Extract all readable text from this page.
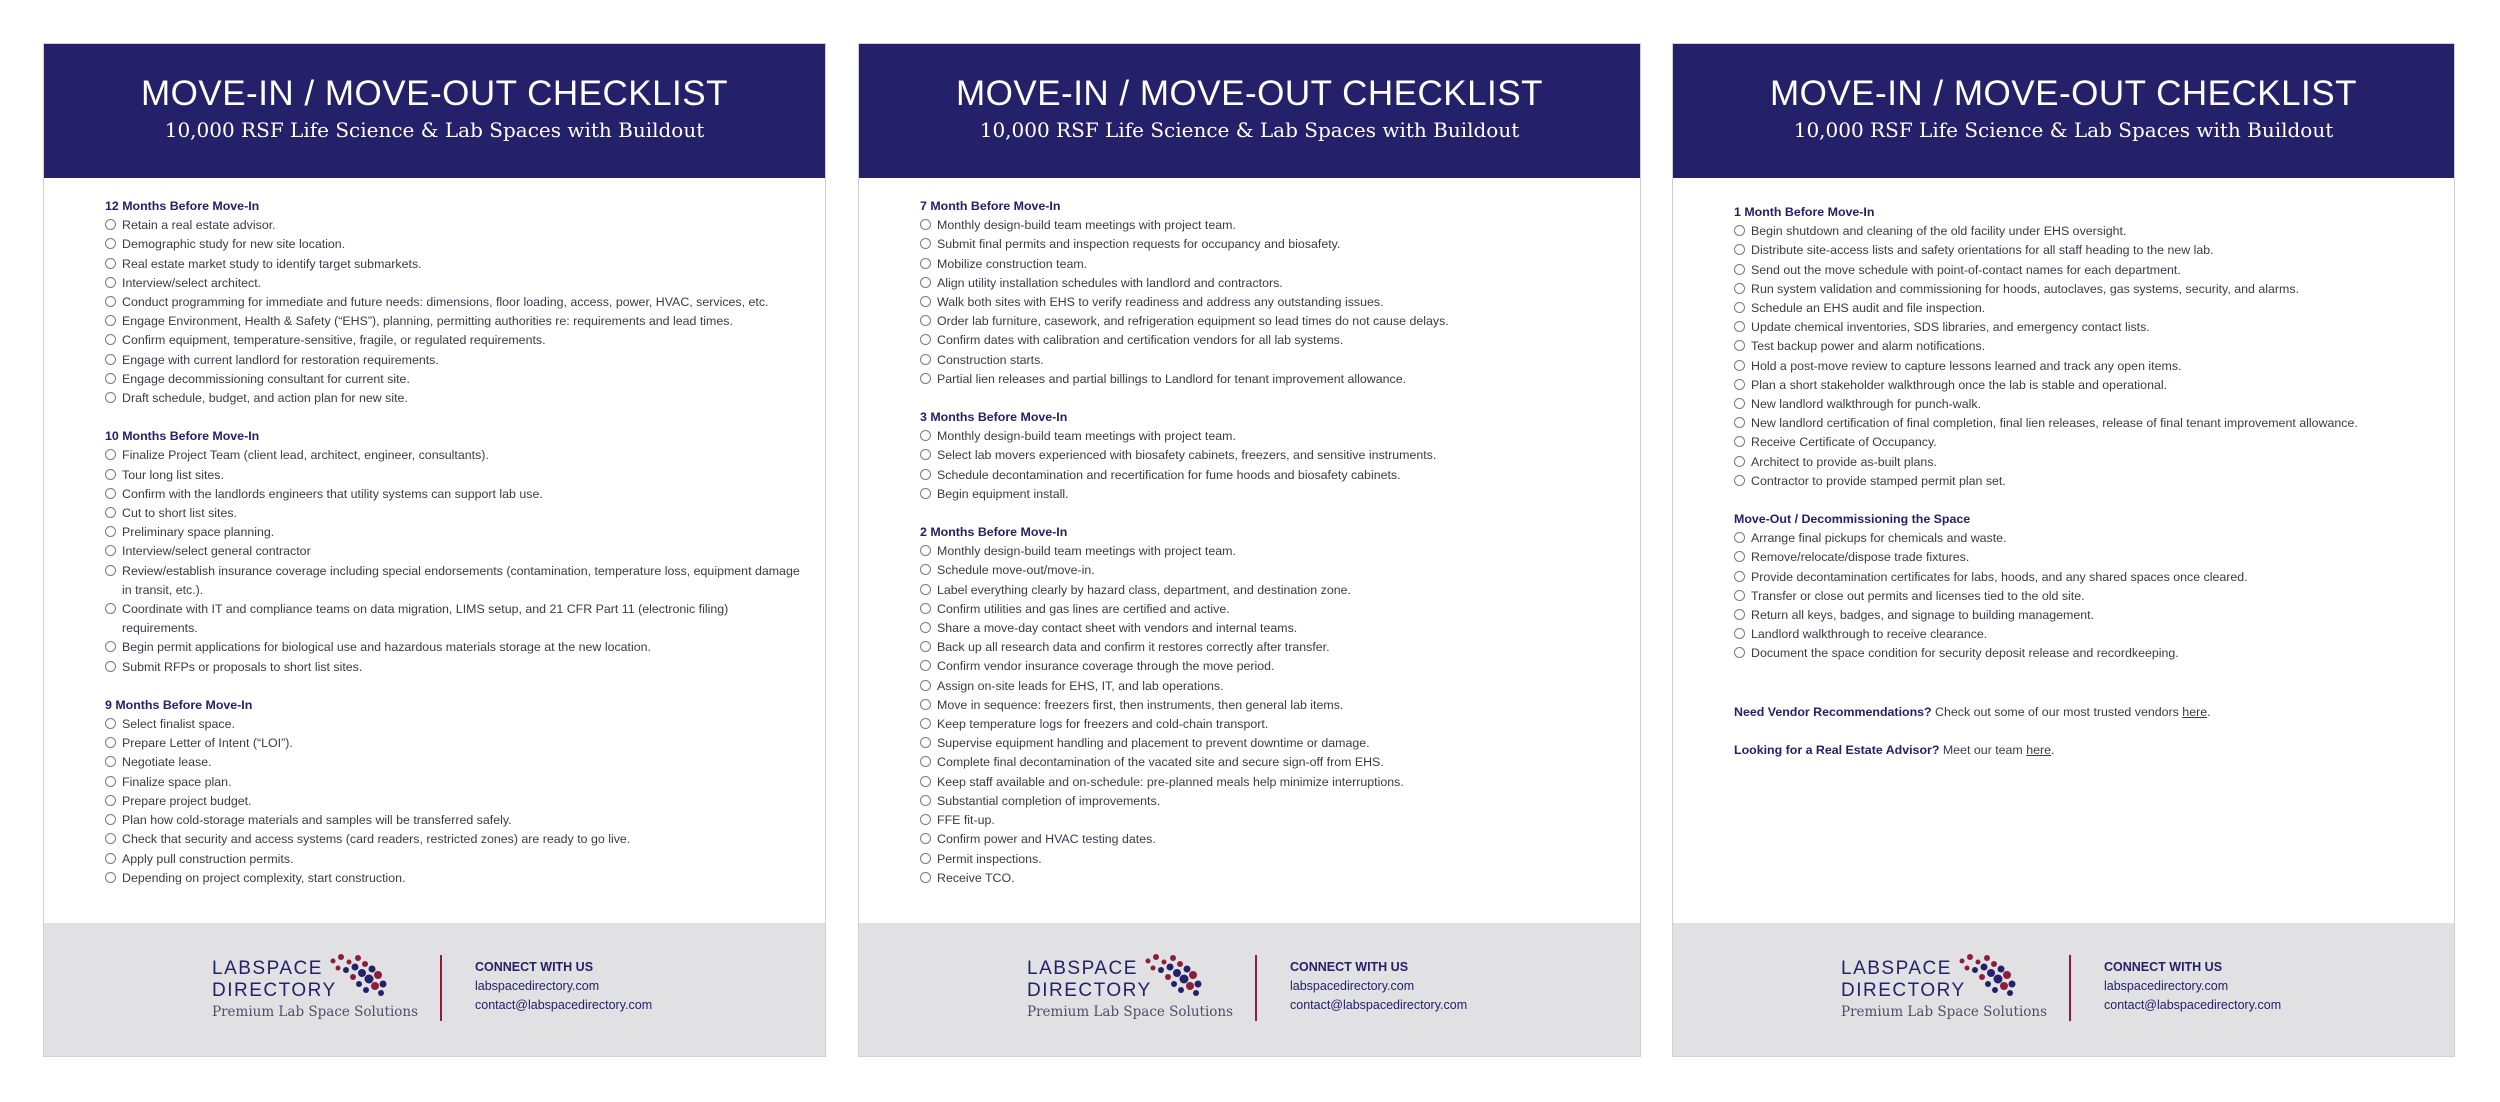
MOVE-IN / MOVE-OUT CHECKLIST
10,000 RSF Life Science & Lab Spaces with Buildout
12 Months Before Move-In
Retain a real estate advisor.
Demographic study for new site location.
Real estate market study to identify target submarkets.
Interview/select architect.
Conduct programming for immediate and future needs: dimensions, floor loading, access, power, HVAC, services, etc.
Engage Environment, Health & Safety (“EHS”), planning, permitting authorities re: requirements and lead times.
Confirm equipment, temperature-sensitive, fragile, or regulated requirements.
Engage with current landlord for restoration requirements.
Engage decommissioning consultant for current site.
Draft schedule, budget, and action plan for new site.
10 Months Before Move-In
Finalize Project Team (client lead, architect, engineer, consultants).
Tour long list sites.
Confirm with the landlords engineers that utility systems can support lab use.
Cut to short list sites.
Preliminary space planning.
Interview/select general contractor
Review/establish insurance coverage including special endorsements (contamination, temperature loss, equipment damage in transit, etc.).
Coordinate with IT and compliance teams on data migration, LIMS setup, and 21 CFR Part 11 (electronic filing) requirements.
Begin permit applications for biological use and hazardous materials storage at the new location.
Submit RFPs or proposals to short list sites.
9 Months Before Move-In
Select finalist space.
Prepare Letter of Intent (“LOI”).
Negotiate lease.
Finalize space plan.
Prepare project budget.
Plan how cold-storage materials and samples will be transferred safely.
Check that security and access systems (card readers, restricted zones) are ready to go live.
Apply pull construction permits.
Depending on project complexity, start construction.
LABSPACE
DIRECTORY
Premium Lab Space Solutions
CONNECT WITH US
labspacedirectory.com
contact@labspacedirectory.com
MOVE-IN / MOVE-OUT CHECKLIST
10,000 RSF Life Science & Lab Spaces with Buildout
7 Month Before Move-In
Monthly design-build team meetings with project team.
Submit final permits and inspection requests for occupancy and biosafety.
Mobilize construction team.
Align utility installation schedules with landlord and contractors.
Walk both sites with EHS to verify readiness and address any outstanding issues.
Order lab furniture, casework, and refrigeration equipment so lead times do not cause delays.
Confirm dates with calibration and certification vendors for all lab systems.
Construction starts.
Partial lien releases and partial billings to Landlord for tenant improvement allowance.
3 Months Before Move-In
Monthly design-build team meetings with project team.
Select lab movers experienced with biosafety cabinets, freezers, and sensitive instruments.
Schedule decontamination and recertification for fume hoods and biosafety cabinets.
Begin equipment install.
2 Months Before Move-In
Monthly design-build team meetings with project team.
Schedule move-out/move-in.
Label everything clearly by hazard class, department, and destination zone.
Confirm utilities and gas lines are certified and active.
Share a move-day contact sheet with vendors and internal teams.
Back up all research data and confirm it restores correctly after transfer.
Confirm vendor insurance coverage through the move period.
Assign on-site leads for EHS, IT, and lab operations.
Move in sequence: freezers first, then instruments, then general lab items.
Keep temperature logs for freezers and cold-chain transport.
Supervise equipment handling and placement to prevent downtime or damage.
Complete final decontamination of the vacated site and secure sign-off from EHS.
Keep staff available and on-schedule: pre-planned meals help minimize interruptions.
Substantial completion of improvements.
FFE fit-up.
Confirm power and HVAC testing dates.
Permit inspections.
Receive TCO.
LABSPACE
DIRECTORY
Premium Lab Space Solutions
CONNECT WITH US
labspacedirectory.com
contact@labspacedirectory.com
MOVE-IN / MOVE-OUT CHECKLIST
10,000 RSF Life Science & Lab Spaces with Buildout
1 Month Before Move-In
Begin shutdown and cleaning of the old facility under EHS oversight.
Distribute site-access lists and safety orientations for all staff heading to the new lab.
Send out the move schedule with point-of-contact names for each department.
Run system validation and commissioning for hoods, autoclaves, gas systems, security, and alarms.
Schedule an EHS audit and file inspection.
Update chemical inventories, SDS libraries, and emergency contact lists.
Test backup power and alarm notifications.
Hold a post-move review to capture lessons learned and track any open items.
Plan a short stakeholder walkthrough once the lab is stable and operational.
New landlord walkthrough for punch-walk.
New landlord certification of final completion, final lien releases, release of final tenant improvement allowance.
Receive Certificate of Occupancy.
Architect to provide as-built plans.
Contractor to provide stamped permit plan set.
Move-Out / Decommissioning the Space
Arrange final pickups for chemicals and waste.
Remove/relocate/dispose trade fixtures.
Provide decontamination certificates for labs, hoods, and any shared spaces once cleared.
Transfer or close out permits and licenses tied to the old site.
Return all keys, badges, and signage to building management.
Landlord walkthrough to receive clearance.
Document the space condition for security deposit release and recordkeeping.

Need Vendor Recommendations? Check out some of our most trusted vendors here.

Looking for a Real Estate Advisor? Meet our team here.

LABSPACE
DIRECTORY
Premium Lab Space Solutions
CONNECT WITH US
labspacedirectory.com
contact@labspacedirectory.com
